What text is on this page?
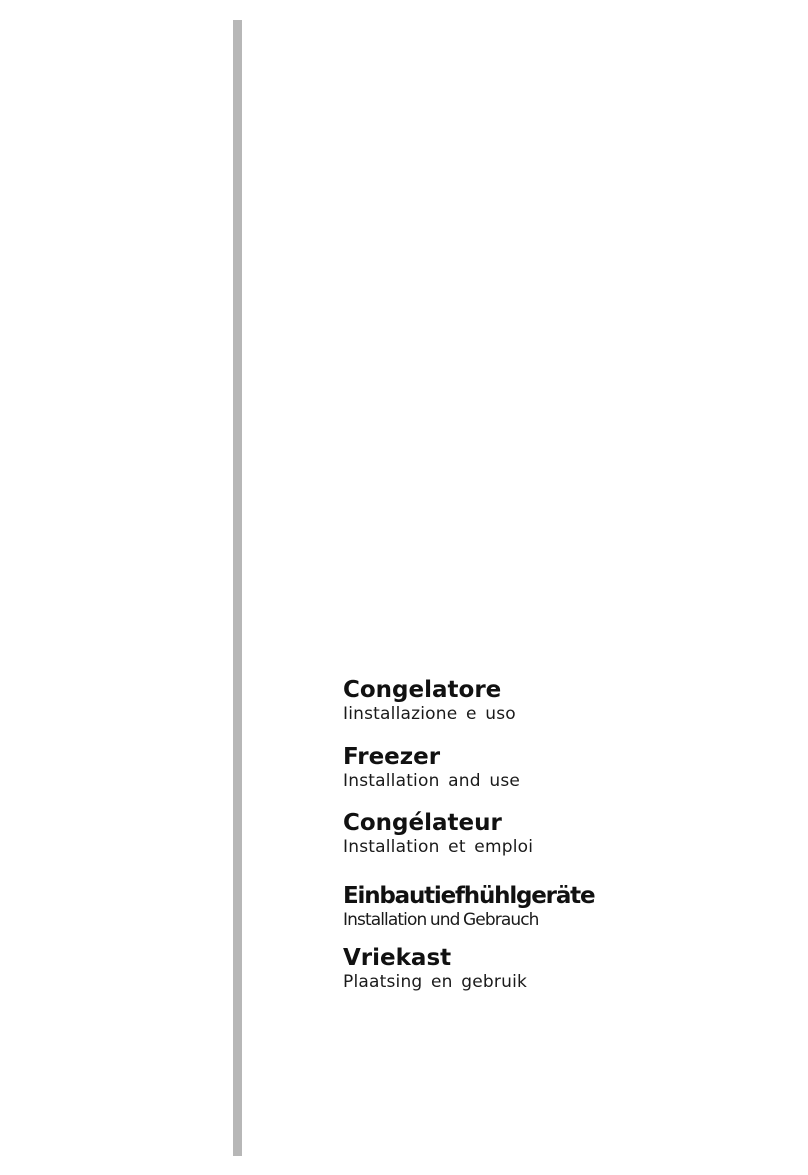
Congelatore
Iinstallazione e uso
Freezer
Installation and use
Congélateur
Installation et emploi
Einbautiefhühlgeräte
Installation und Gebrauch
Vriekast
Plaatsing en gebruik
